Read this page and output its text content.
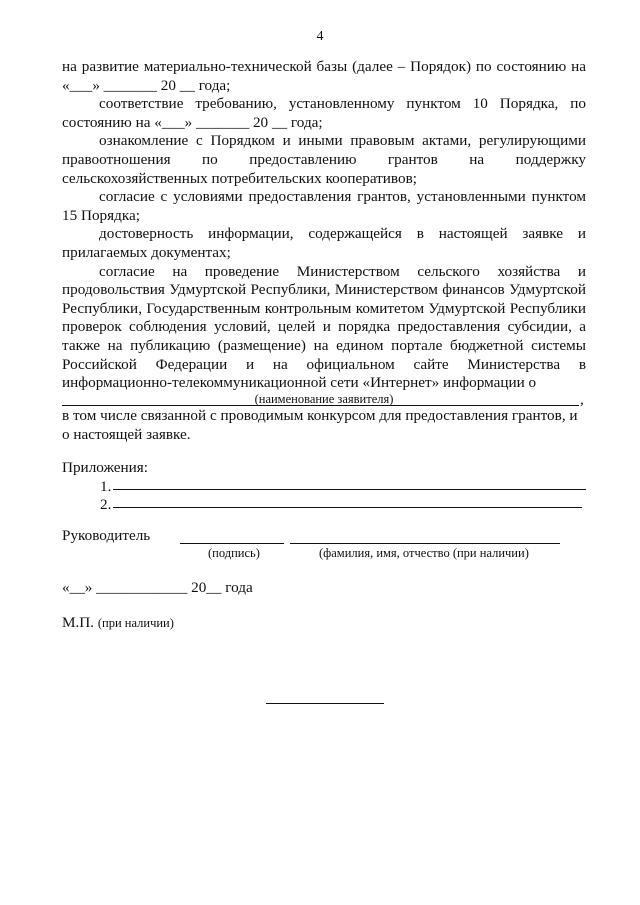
4

на развитие материально-технической базы (далее – Порядок) по состоянию на «___» _______ 20 __ года;

соответствие требованию, установленному пунктом 10 Порядка, по состоянию на «___» _______ 20 __ года;

ознакомление с Порядком и иными правовым актами, регулирующими правоотношения по предоставлению грантов на поддержку сельскохозяйственных потребительских кооперативов;

согласие с условиями предоставления грантов, установленными пунктом 15 Порядка;

достоверность информации, содержащейся в настоящей заявке и прилагаемых документах;

согласие на проведение Министерством сельского хозяйства и продовольствия Удмуртской Республики, Министерством финансов Удмуртской Республики, Государственным контрольным комитетом Удмуртской Республики проверок соблюдения условий, целей и порядка предоставления субсидии, а также на публикацию (размещение) на едином портале бюджетной системы Российской Федерации и на официальном сайте Министерства в информационно-телекоммуникационной сети «Интернет» информации о

,
(наименование заявителя)

в том числе связанной с проводимым конкурсом для предоставления грантов, и о настоящей заявке.

Приложения:
1.
2.
Руководитель
(подпись)	(фамилия, имя, отчество (при наличии)
«__» ____________ 20__ года
М.П. (при наличии)
